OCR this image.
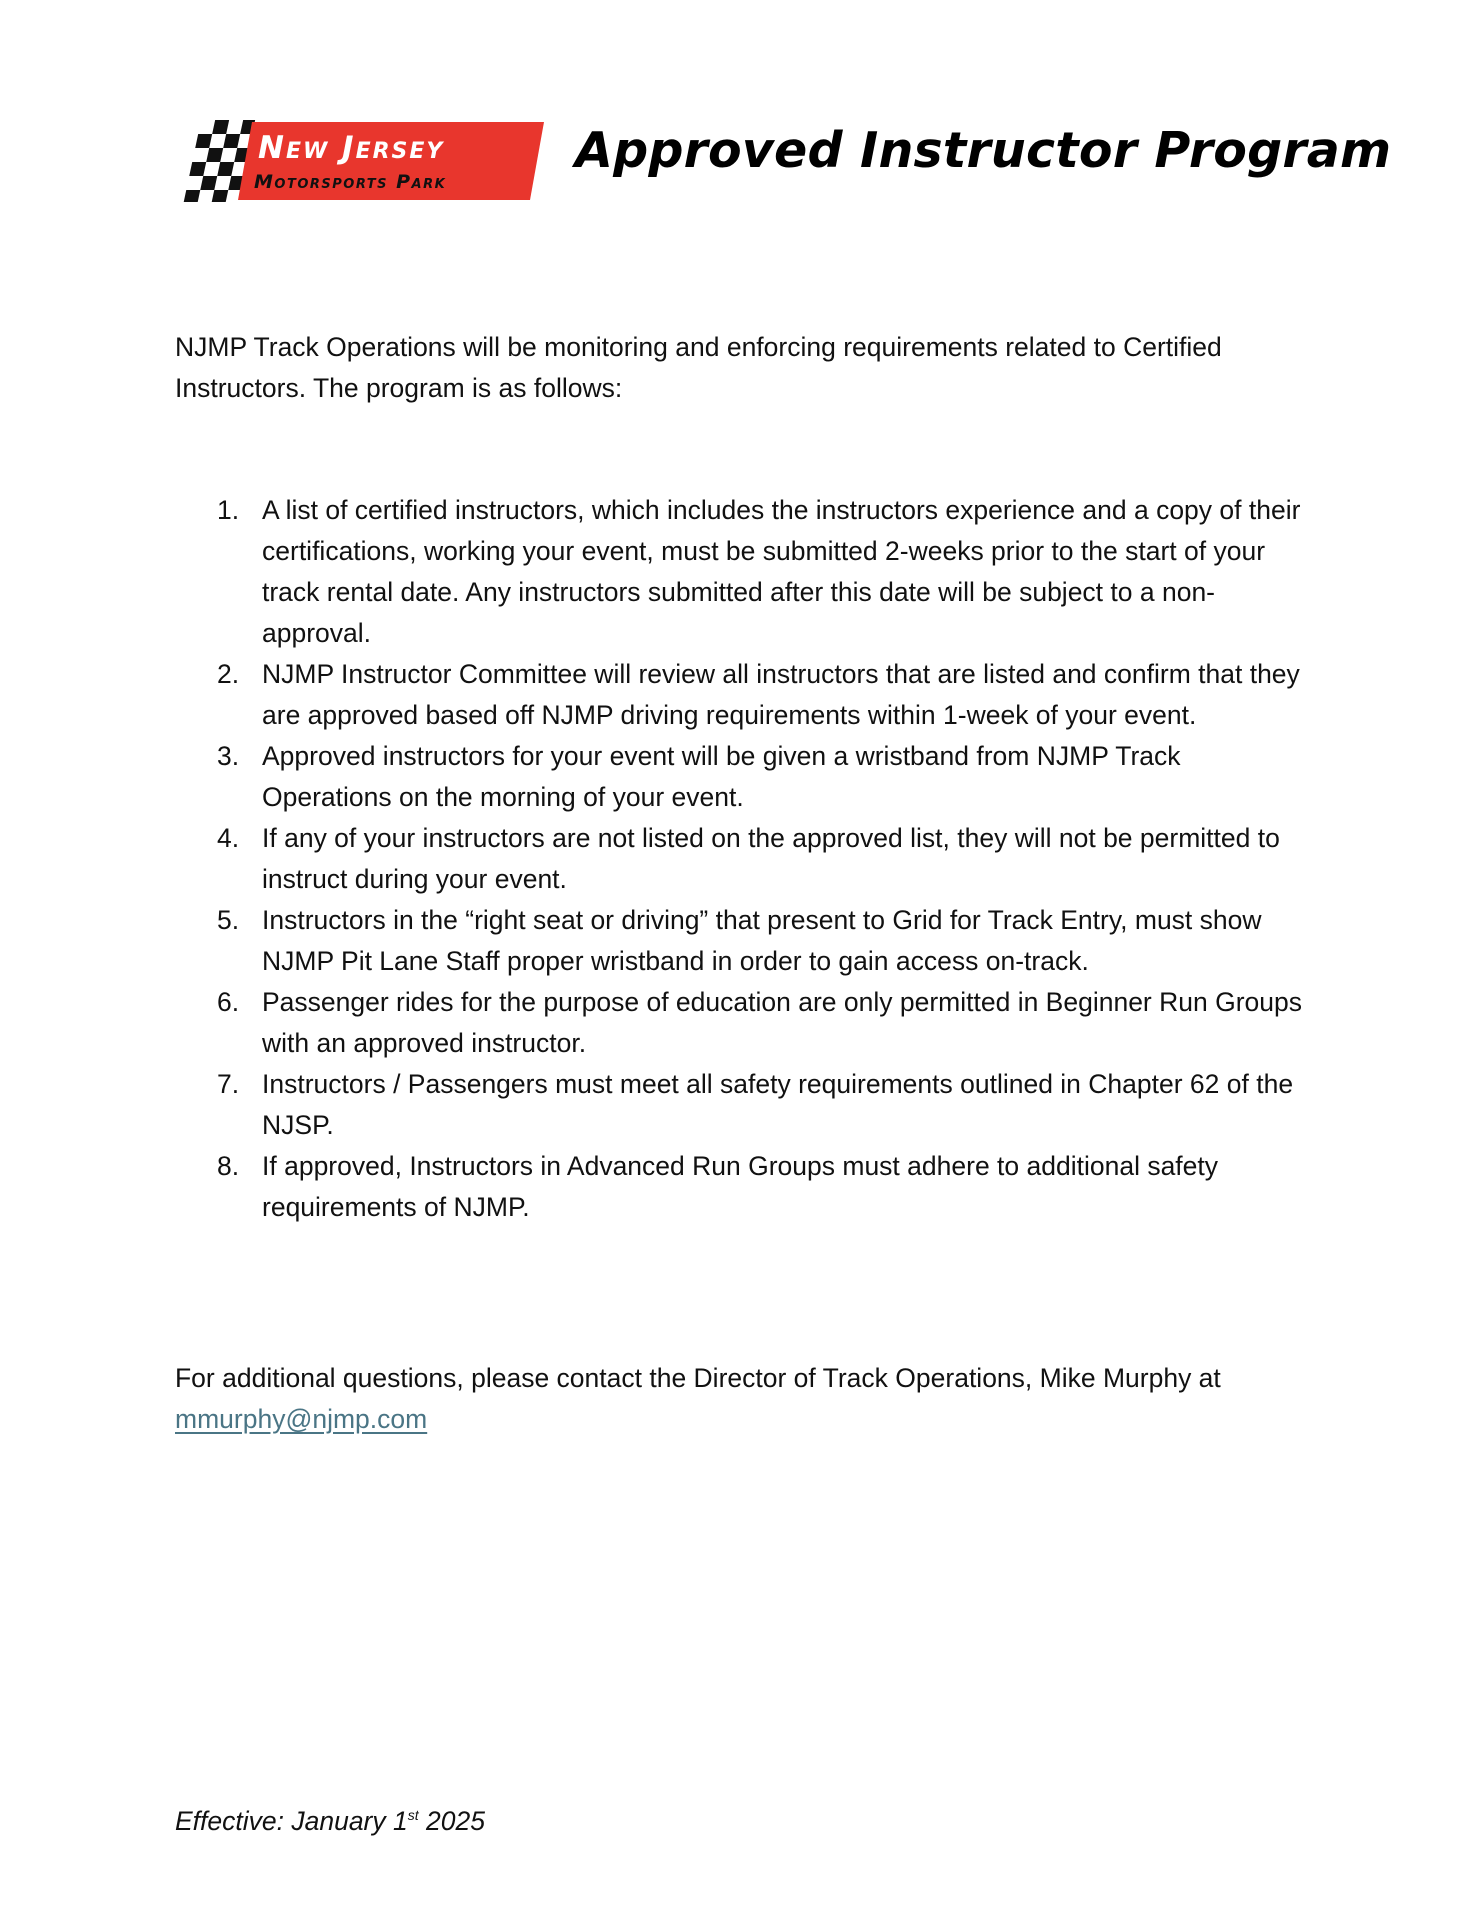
New Jersey
Motorsports Park
Approved Instructor Program

NJMP Track Operations will be monitoring and enforcing requirements related to Certified Instructors. The program is as follows:

1. A list of certified instructors, which includes the instructors experience and a copy of their certifications, working your event, must be submitted 2-weeks prior to the start of your track rental date. Any instructors submitted after this date will be subject to a non-approval.
2. NJMP Instructor Committee will review all instructors that are listed and confirm that they are approved based off NJMP driving requirements within 1-week of your event.
3. Approved instructors for your event will be given a wristband from NJMP Track Operations on the morning of your event.
4. If any of your instructors are not listed on the approved list, they will not be permitted to instruct during your event.
5. Instructors in the “right seat or driving” that present to Grid for Track Entry, must show NJMP Pit Lane Staff proper wristband in order to gain access on-track.
6. Passenger rides for the purpose of education are only permitted in Beginner Run Groups with an approved instructor.
7. Instructors / Passengers must meet all safety requirements outlined in Chapter 62 of the NJSP.
8. If approved, Instructors in Advanced Run Groups must adhere to additional safety requirements of NJMP.

For additional questions, please contact the Director of Track Operations, Mike Murphy at
mmurphy@njmp.com

Effective: January 1st 2025
